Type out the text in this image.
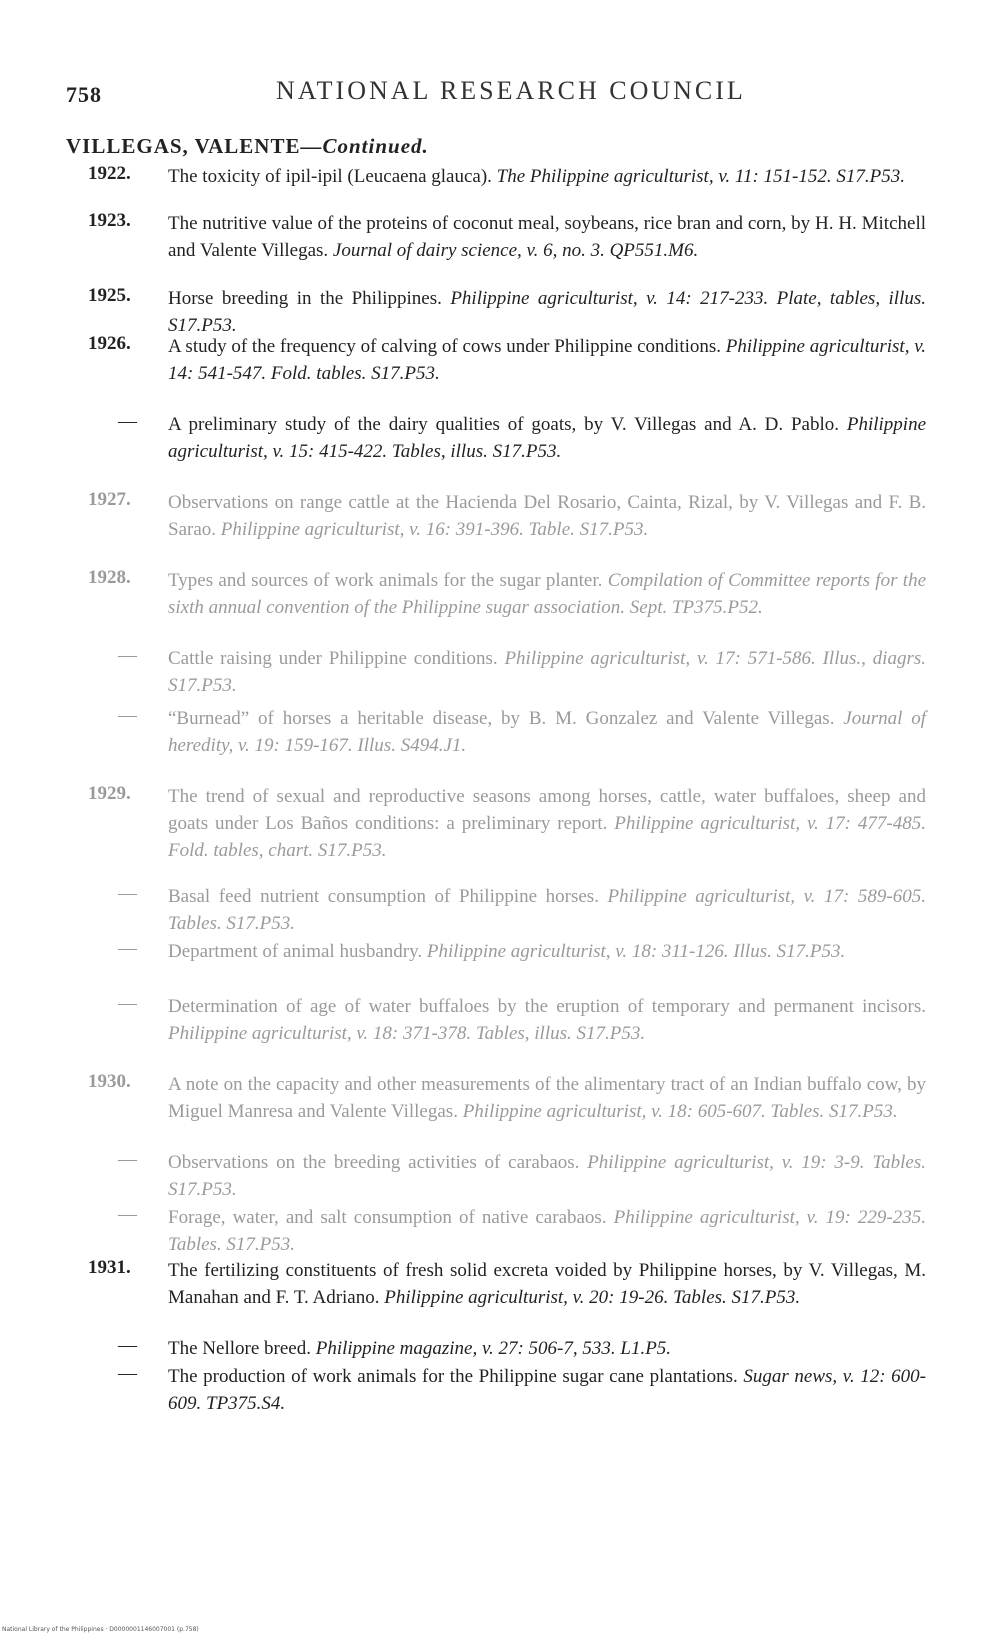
758	NATIONAL RESEARCH COUNCIL
VILLEGAS, VALENTE—Continued.
1922.	The toxicity of ipil-ipil (Leucaena glauca). The Philippine agriculturist, v. 11: 151-152. S17.P53.
1923.	The nutritive value of the proteins of coconut meal, soybeans, rice bran and corn, by H. H. Mitchell and Valente Villegas. Journal of dairy science, v. 6, no. 3. QP551.M6.
1925.	Horse breeding in the Philippines. Philippine agriculturist, v. 14: 217-233. Plate, tables, illus. S17.P53.
1926.	A study of the frequency of calving of cows under Philippine conditions. Philippine agriculturist, v. 14: 541-547. Fold. tables. S17.P53.
—	A preliminary study of the dairy qualities of goats, by V. Villegas and A. D. Pablo. Philippine agriculturist, v. 15: 415-422. Tables, illus. S17.P53.
1927.	Observations on range cattle at the Hacienda Del Rosario, Cainta, Rizal, by V. Villegas and F. B. Sarao. Philippine agriculturist, v. 16: 391-396. Table. S17.P53.
1928.	Types and sources of work animals for the sugar planter. Compilation of Committee reports for the sixth annual convention of the Philippine sugar association. Sept. TP375.P52.
—	Cattle raising under Philippine conditions. Philippine agriculturist, v. 17: 571-586. Illus., diagrs. S17.P53.
—	“Burnead” of horses a heritable disease, by B. M. Gonzalez and Valente Villegas. Journal of heredity, v. 19: 159-167. Illus. S494.J1.
1929.	The trend of sexual and reproductive seasons among horses, cattle, water buffaloes, sheep and goats under Los Baños conditions: a preliminary report. Philippine agriculturist, v. 17: 477-485. Fold. tables, chart. S17.P53.
—	Basal feed nutrient consumption of Philippine horses. Philippine agriculturist, v. 17: 589-605. Tables. S17.P53.
—	Department of animal husbandry. Philippine agriculturist, v. 18: 311-126. Illus. S17.P53.
—	Determination of age of water buffaloes by the eruption of temporary and permanent incisors. Philippine agriculturist, v. 18: 371-378. Tables, illus. S17.P53.
1930.	A note on the capacity and other measurements of the alimentary tract of an Indian buffalo cow, by Miguel Manresa and Valente Villegas. Philippine agriculturist, v. 18: 605-607. Tables. S17.P53.
—	Observations on the breeding activities of carabaos. Philippine agriculturist, v. 19: 3-9. Tables. S17.P53.
—	Forage, water, and salt consumption of native carabaos. Philippine agriculturist, v. 19: 229-235. Tables. S17.P53.
1931.	The fertilizing constituents of fresh solid excreta voided by Philippine horses, by V. Villegas, M. Manahan and F. T. Adriano. Philippine agriculturist, v. 20: 19-26. Tables. S17.P53.
—	The Nellore breed. Philippine magazine, v. 27: 506-7, 533. L1.P5.
—	The production of work animals for the Philippine sugar cane plantations. Sugar news, v. 12: 600-609. TP375.S4.
National Library of the Philippines · D0000001146007001 (p.758)
